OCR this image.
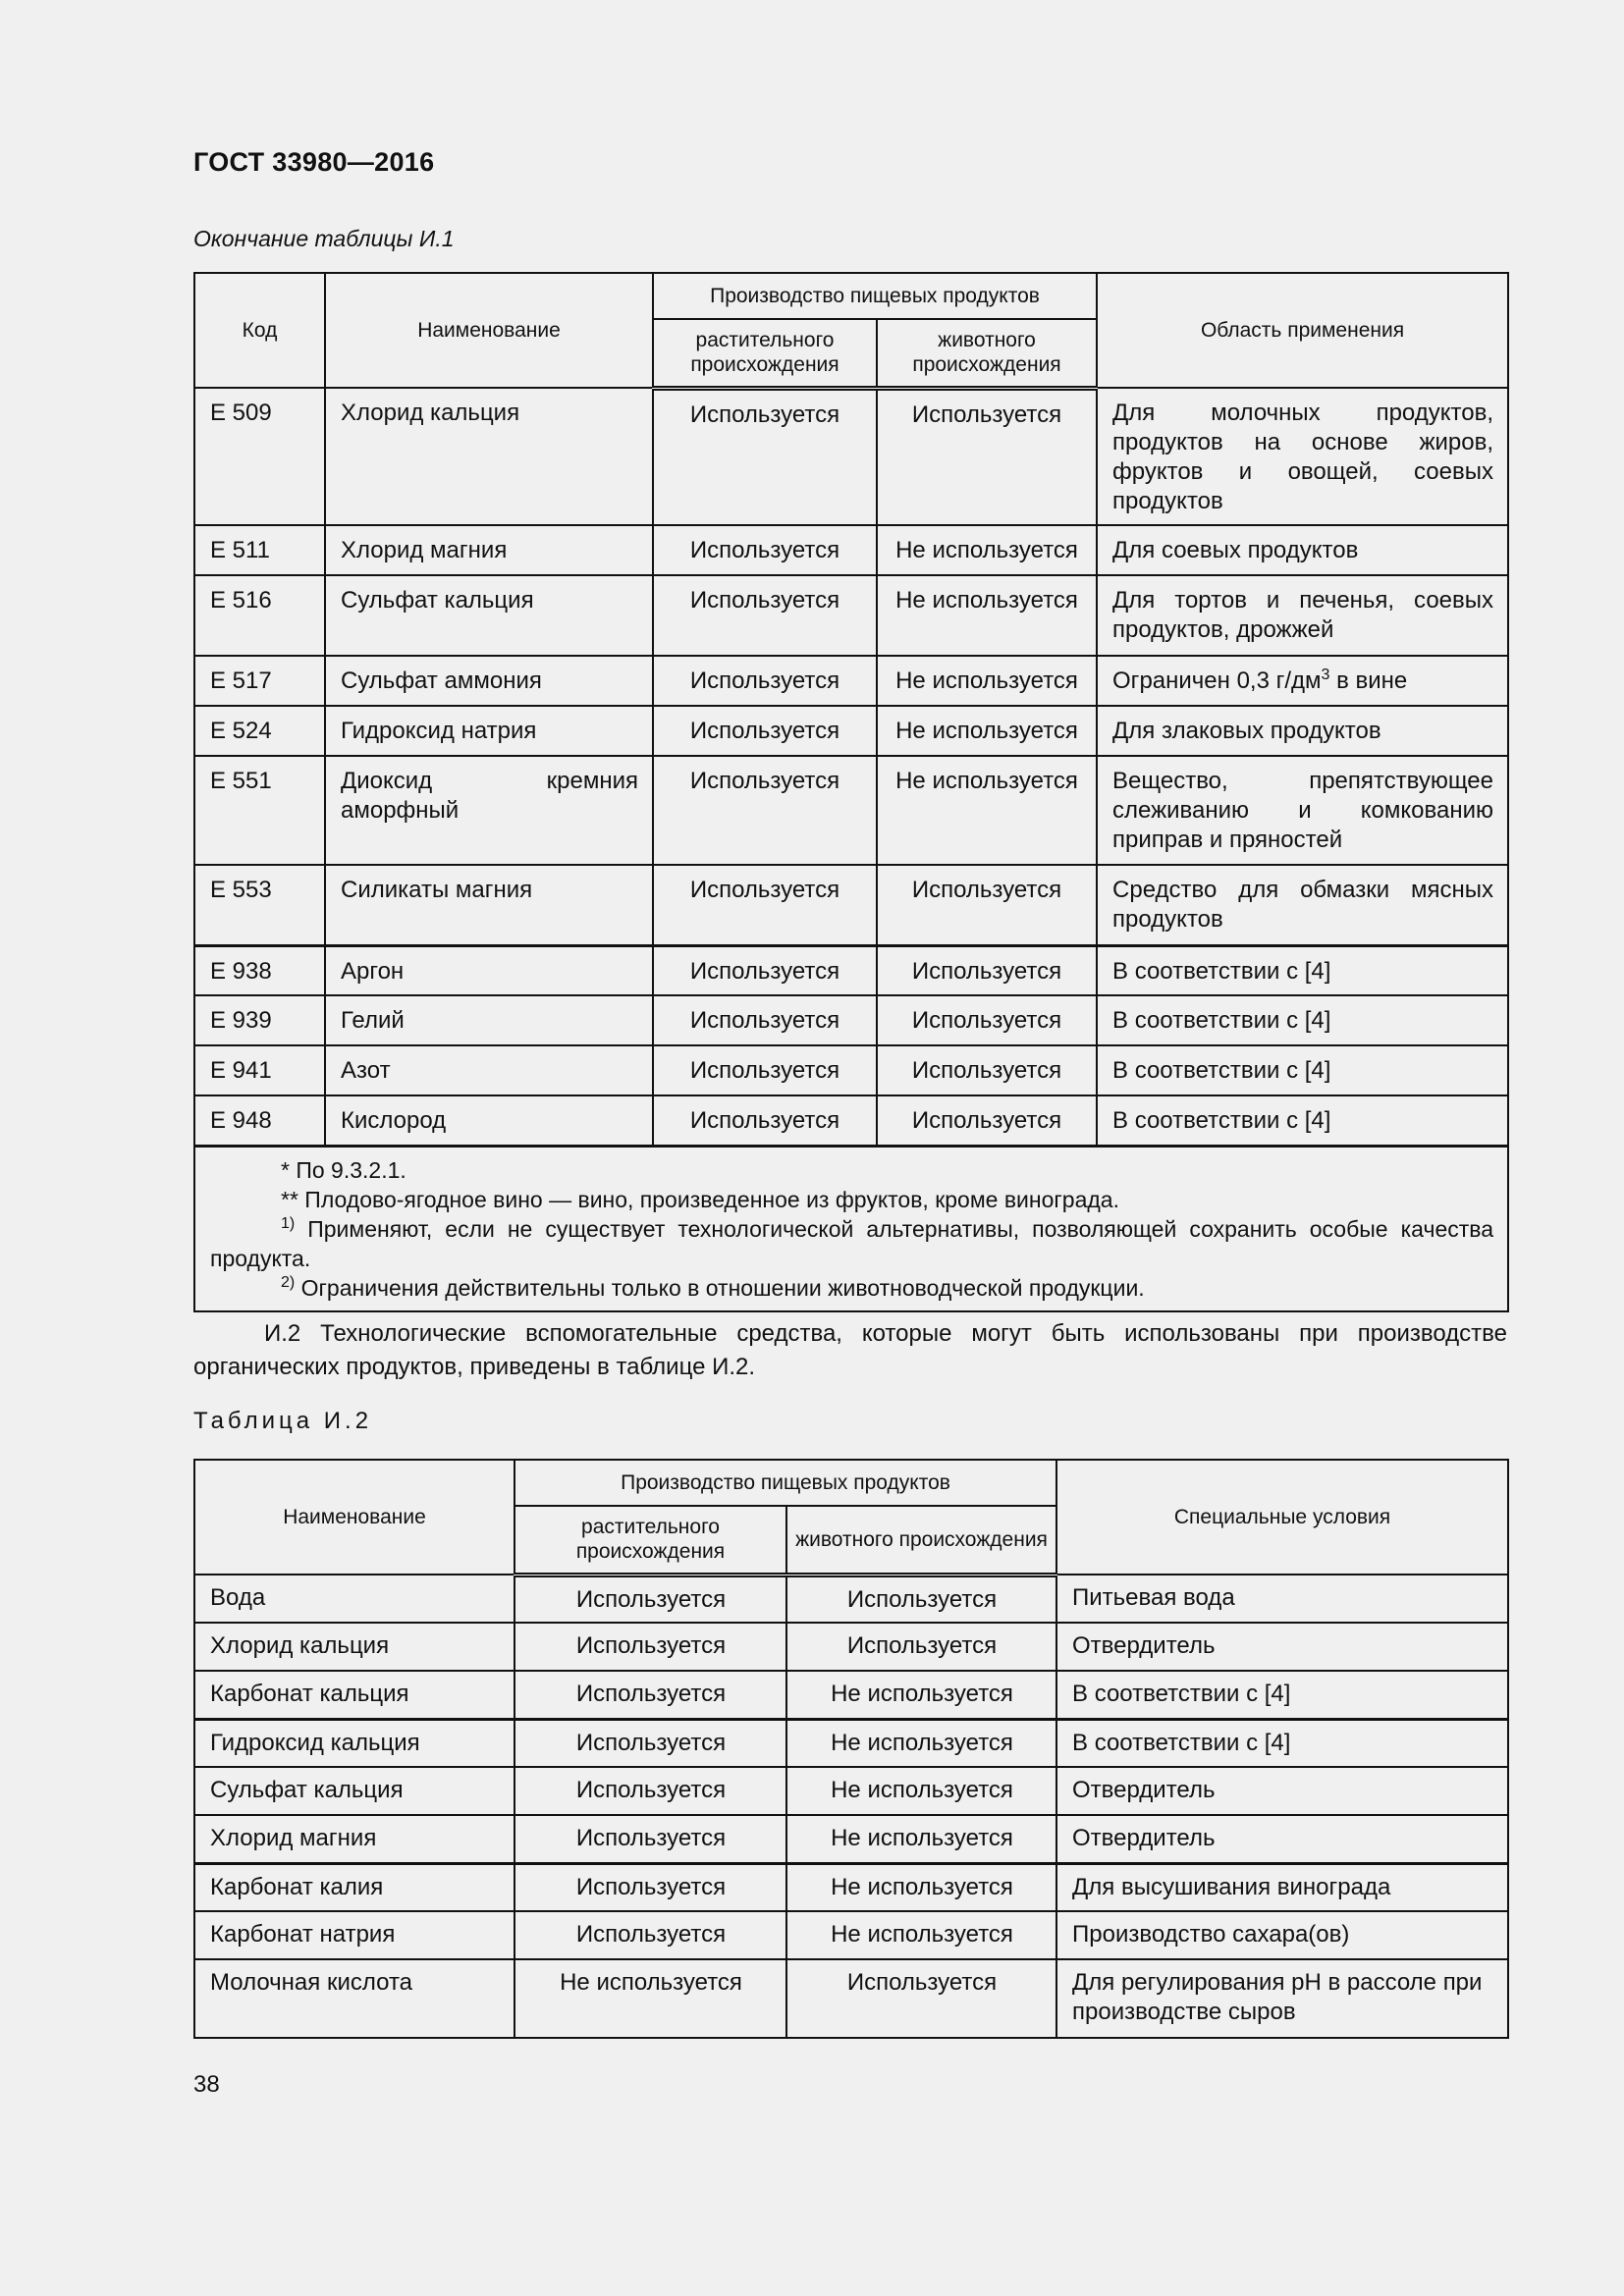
ГОСТ 33980—2016
Окончание таблицы И.1
Код	Наименование	Производство пищевых продуктов		Область применения
		растительного происхождения	животного происхождения	
E 509	Хлорид кальция	Используется	Используется	Для молочных продуктов, продуктов на основе жиров, фруктов и овощей, соевых продуктов
E 511	Хлорид магния	Используется	Не используется	Для соевых продуктов
E 516	Сульфат кальция	Используется	Не используется	Для тортов и печенья, соевых продуктов, дрожжей
E 517	Сульфат аммония	Используется	Не используется	Ограничен 0,3 $г/дм^3$ в вине
E 524	Гидроксид натрия	Используется	Не используется	Для злаковых продуктов
E 551	Диоксид кремния аморфный	Используется	Не используется	Вещество, препятствующее слеживанию и комкованию приправ и пряностей
E 553	Силикаты магния	Используется	Используется	Средство для обмазки мясных продуктов
E 938	Аргон	Используется	Используется	В соответствии с [4]
E 939	Гелий	Используется	Используется	В соответствии с [4]
E 941	Азот	Используется	Используется	В соответствии с [4]
E 948	Кислород	Используется	Используется	В соответствии с [4]

* По 9.3.2.1.
** Плодово-ягодное вино — вино, произведенное из фруктов, кроме винограда.
$^{1)}$ Применяют, если не существует технологической альтернативы, позволяющей сохранить особые качества продукта.
$^{2)}$ Ограничения действительны только в отношении животноводческой продукции.				
И.2 Технологические вспомогательные средства, которые могут быть использованы при производстве органических продуктов, приведены в таблице И.2.
Таблица И.2
Наименование	Производство пищевых продуктов		Специальные условия
	растительного происхождения	животного происхождения	
Вода	Используется	Используется	Питьевая вода
Хлорид кальция	Используется	Используется	Отвердитель
Карбонат кальция	Используется	Не используется	В соответствии с [4]
Гидроксид кальция	Используется	Не используется	В соответствии с [4]
Сульфат кальция	Используется	Не используется	Отвердитель
Хлорид магния	Используется	Не используется	Отвердитель
Карбонат калия	Используется	Не используется	Для высушивания винограда
Карбонат натрия	Используется	Не используется	Производство сахара(ов)
Молочная кислота	Не используется	Используется	Для регулирования pH в рассоле при производстве сыров
38
